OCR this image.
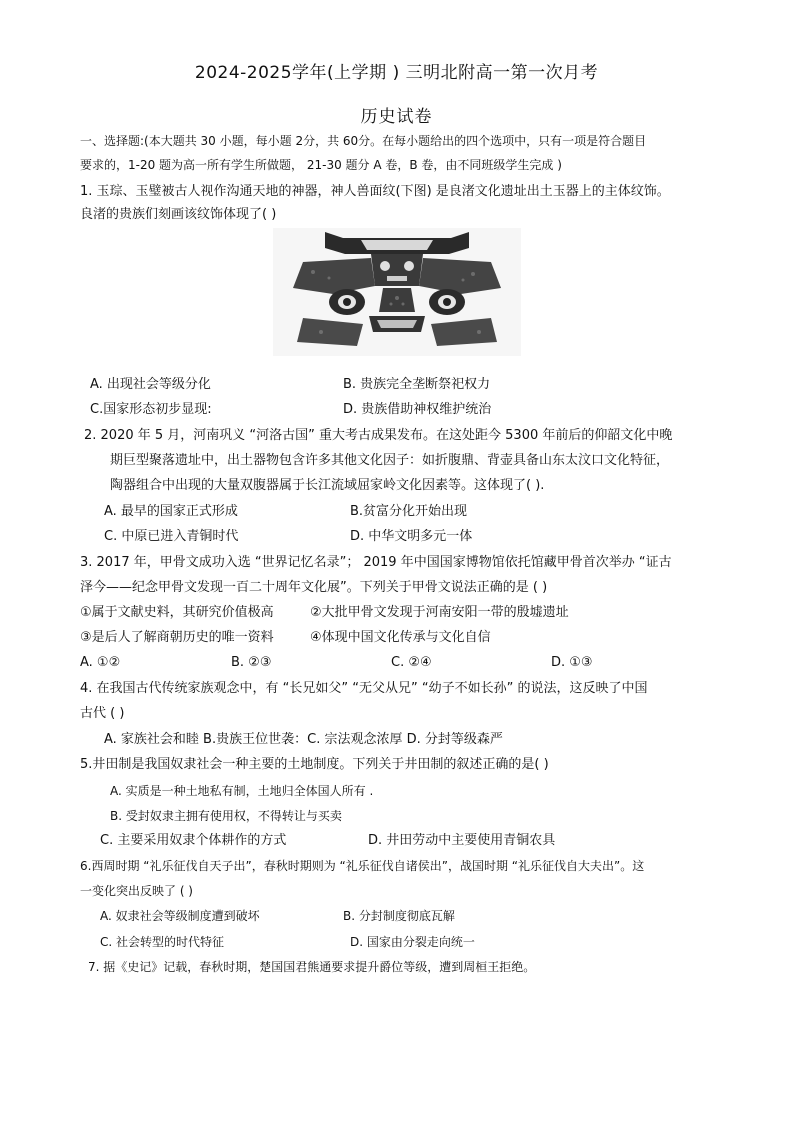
2024-2025学年(上学期 ) 三明北附高一第一次月考
历史试卷
一、选择题:(本大题共 30 小题，每小题 2分，共 60分。在每小题给出的四个选项中，只有一项是符合题目
要求的，1-20 题为高一所有学生所做题， 21-30 题分 A 卷，B 卷，由不同班级学生完成 )
1. 玉琮、玉璧被古人视作沟通天地的神器，神人兽面纹(下图) 是良渚文化遗址出土玉器上的主体纹饰。
良渚的贵族们刻画该纹饰体现了( )
A. 出现社会等级分化	B. 贵族完全垄断祭祀权力
C.国家形态初步显现:	D. 贵族借助神权维护统治
2. 2020 年 5 月，河南巩义 “河洛古国” 重大考古成果发布。在这处距今 5300 年前后的仰韶文化中晚
期巨型聚落遗址中，出土器物包含许多其他文化因子：如折腹鼎、背壶具备山东太汶口文化特征，
陶器组合中出现的大量双腹器属于长江流域屈家岭文化因素等。这体现了( ).
A. 最早的国家正式形成	B.贫富分化开始出现
C. 中原已进入青铜时代	D. 中华文明多元一体
3. 2017 年，甲骨文成功入选 “世界记忆名录”； 2019 年中国国家博物馆依托馆藏甲骨首次举办 “证古
泽今——纪念甲骨文发现一百二十周年文化展”。下列关于甲骨文说法正确的是 ( )
①属于文献史料，其研究价值极高	②大批甲骨文发现于河南安阳一带的殷墟遗址
③是后人了解商朝历史的唯一资料	④体现中国文化传承与文化自信
A. ①②	B. ②③	C. ②④	D. ①③
4. 在我国古代传统家族观念中，有 “长兄如父” “无父从兄” “幼子不如长孙” 的说法，这反映了中国
古代 ( )
A. 家族社会和睦 B.贵族王位世袭：C. 宗法观念浓厚 D. 分封等级森严
5.井田制是我国奴隶社会一种主要的土地制度。下列关于井田制的叙述正确的是( )
A. 实质是一种土地私有制，土地归全体国人所有 .
B. 受封奴隶主拥有使用权，不得转让与买卖
C. 主要采用奴隶个体耕作的方式	D. 井田劳动中主要使用青铜农具
6.西周时期 “礼乐征伐自天子出”，春秋时期则为 “礼乐征伐自诸侯出”，战国时期 “礼乐征伐自大夫出”。这
一变化突出反映了 ( )
A. 奴隶社会等级制度遭到破坏	B. 分封制度彻底瓦解
C. 社会转型的时代特征	D. 国家由分裂走向统一
7. 据《史记》记载，春秋时期，楚国国君熊通要求提升爵位等级，遭到周桓王拒绝。
